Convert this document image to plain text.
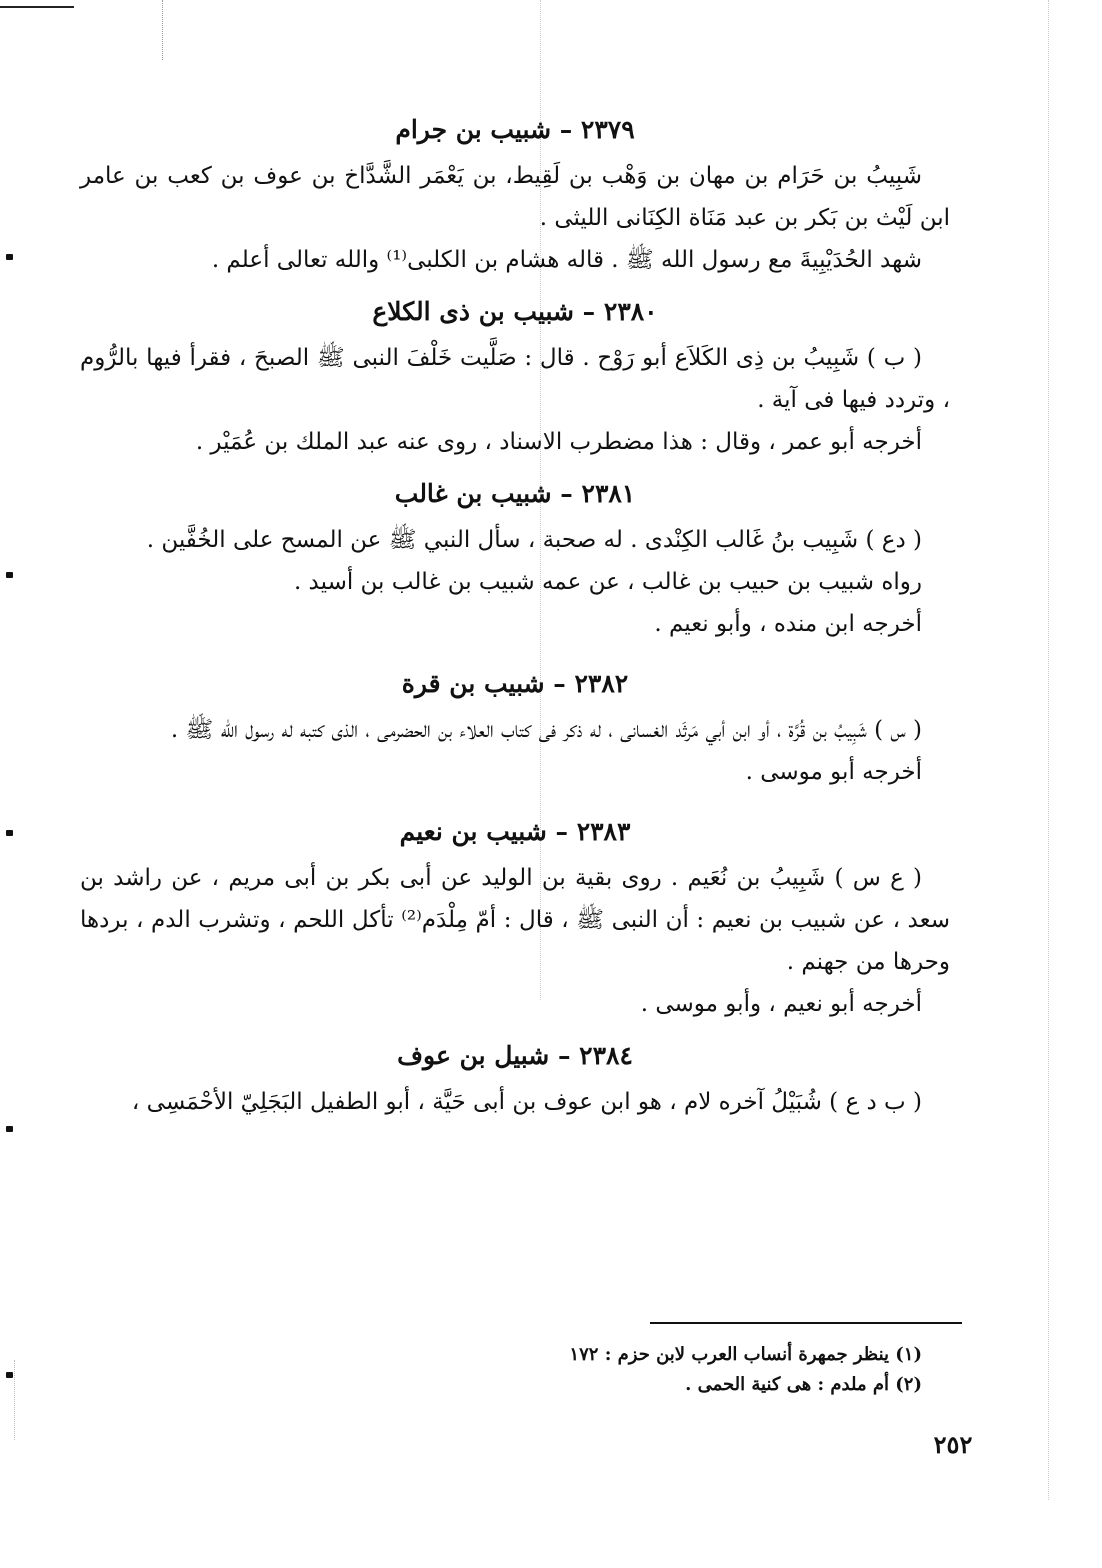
٢٣٧٩ – شبيب بن جرام

شَبِيبُ بن حَرَام بن مهان بن وَهْب بن لَقِيط، بن يَعْمَر الشَّدَّاخ بن عوف بن كعب بن عامر ابن لَيْث بن بَكر بن عبد مَنَاة الكِنَانى الليثى .

شهد الحُدَيْبِيةَ مع رسول الله ﷺ . قاله هشام بن الكلبى⁽¹⁾ والله تعالى أعلم .

٢٣٨٠ – شبيب بن ذى الكلاع

( ب ) شَبِيبُ بن ذِى الكَلاَع أبو رَوْح . قال : صَلَّيت خَلْفَ النبى ﷺ الصبحَ ، فقرأ فيها بالرُّوم ، وتردد فيها فى آية .

أخرجه أبو عمر ، وقال : هذا مضطرب الاسناد ، روى عنه عبد الملك بن عُمَيْر .

٢٣٨١ – شبيب بن غالب

( دع ) شَبِيب بنُ غَالب الكِنْدى . له صحبة ، سأل النبي ﷺ عن المسح على الخُفَّين .

رواه شبيب بن حبيب بن غالب ، عن عمه شبيب بن غالب بن أسيد .

أخرجه ابن منده ، وأبو نعيم .

٢٣٨٢ – شبيب بن قرة

( س ) شَبِيبُ بن قُرَّة ، أو ابن أبي مَرثَد الغسانى ، له ذكر فى كتاب العلاء بن الحضرمى ، الذى كتبه له رسول الله ﷺ .

أخرجه أبو موسى .

٢٣٨٣ – شبيب بن نعيم

( ع س ) شَبِيبُ بن نُعَيم . روى بقية بن الوليد عن أبى بكر بن أبى مريم ، عن راشد بن سعد ، عن شبيب بن نعيم : أن النبى ﷺ ، قال : أمّ مِلْدَم⁽²⁾ تأكل اللحم ، وتشرب الدم ، بردها وحرها من جهنم .

أخرجه أبو نعيم ، وأبو موسى .

٢٣٨٤ – شبيل بن عوف

( ب د ع ) شُبَيْلُ آخره لام ، هو ابن عوف بن أبى حَيَّة ، أبو الطفيل البَجَلِيّ الأحْمَسِى ،

(١) ينظر جمهرة أنساب العرب لابن حزم : ١٧٢
(٢) أم ملدم : هى كنية الحمى .
٢٥٢
